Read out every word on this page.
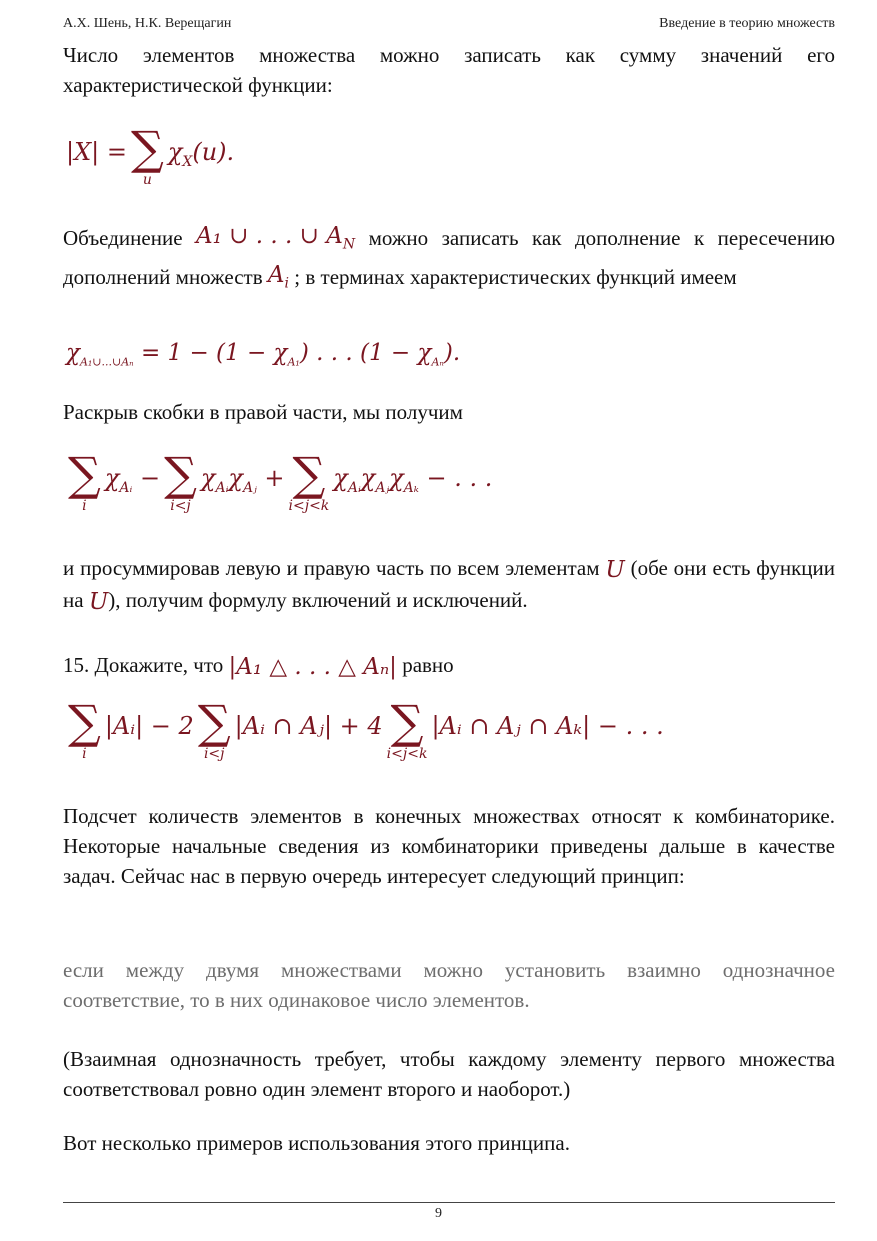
А.Х. Шень, Н.К. Верещагин	Введение в теорию множеств
Число элементов множества можно записать как сумму значений его характеристической функции:
|X| = ∑
u
$\chi_X(u)$.
Объединение A₁ ∪ . . . ∪ $A_N$ можно записать как дополнение к пересечению дополнений множеств $A_i$ ; в терминах характеристических функций имеем
$\chi_{A_1\cup...\cup A_n} = 1 - (1 - \chi_{A_1})$ . . . $(1 - \chi_{A_n})$.
Раскрыв скобки в правой части, мы получим
∑
i
$\chi_{Aᵢ}$ − ∑
i<j
$\chi_{Aᵢ}\chi_{Aⱼ}$ + ∑
i<j<k
$\chi_{Aᵢ}\chi_{Aⱼ}\chi_{A_k}$ − . . .
и просуммировав левую и правую часть по всем элементам U (обе они есть функции на U), получим формулу включений и исключений.
15. Докажите, что |A₁ △ . . . △ Aₙ| равно
∑
i
|Aᵢ| − 2 ∑
i<j
|Aᵢ ∩ Aⱼ| + 4 ∑
i<j<k
|Aᵢ ∩ Aⱼ ∩ Aₖ| − . . .
Подсчет количеств элементов в конечных множествах относят к комбинаторике. Некоторые начальные сведения из комбинаторики приведены дальше в качестве задач. Сейчас нас в первую очередь интересует следующий принцип:
если между двумя множествами можно установить взаимно однозначное соответствие, то в них одинаковое число элементов.
(Взаимная однозначность требует, чтобы каждому элементу первого множества соответствовал ровно один элемент второго и наоборот.)
Вот несколько примеров использования этого принципа.
9
